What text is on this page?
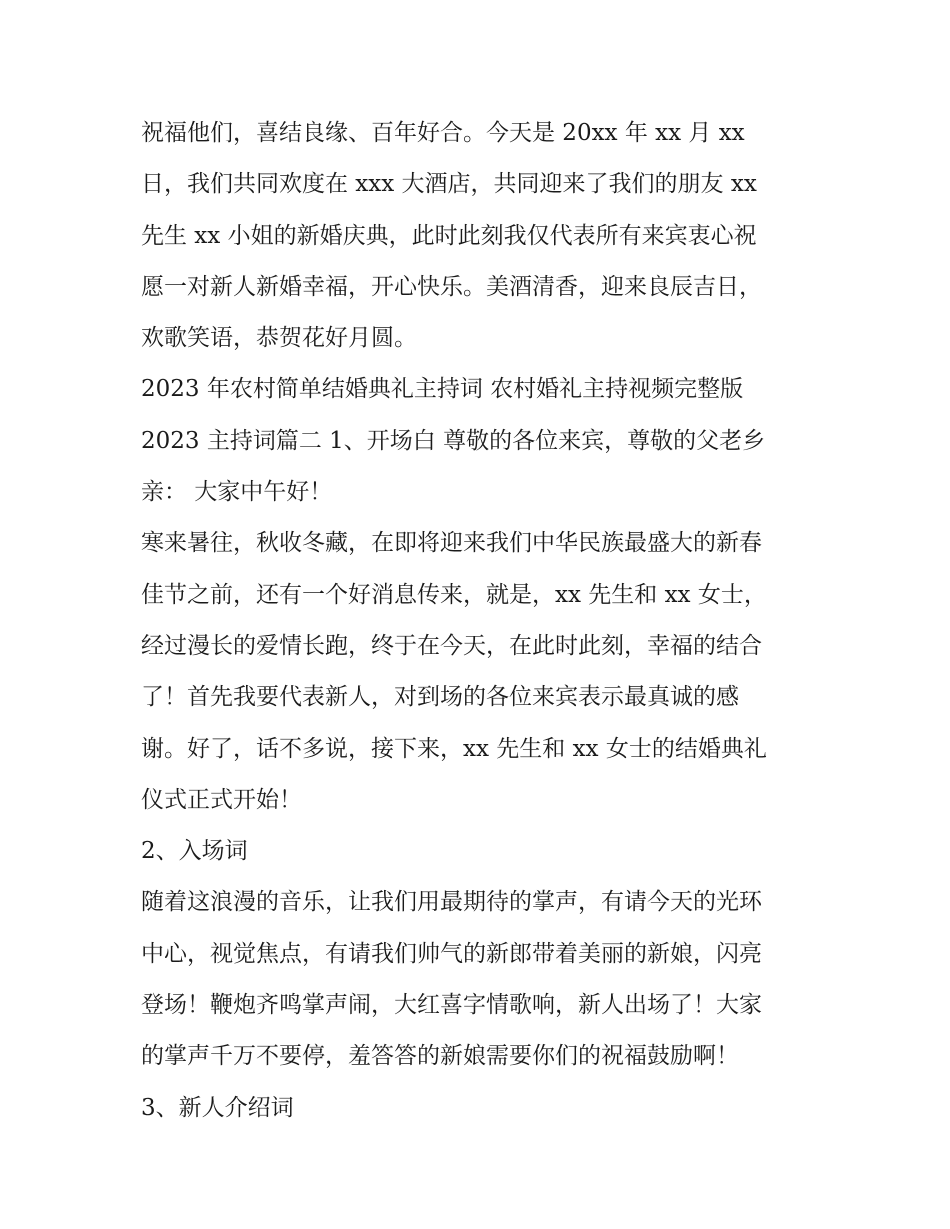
祝福他们，喜结良缘、百年好合。今天是 20xx 年 xx 月 xx
日，我们共同欢度在 xxx 大酒店，共同迎来了我们的朋友 xx
先生 xx 小姐的新婚庆典，此时此刻我仅代表所有来宾衷心祝
愿一对新人新婚幸福，开心快乐。美酒清香，迎来良辰吉日，
欢歌笑语，恭贺花好月圆。
2023 年农村简单结婚典礼主持词 农村婚礼主持视频完整版
2023 主持词篇二 1、开场白 尊敬的各位来宾，尊敬的父老乡
亲： 大家中午好！
寒来暑往，秋收冬藏，在即将迎来我们中华民族最盛大的新春
佳节之前，还有一个好消息传来，就是，xx 先生和 xx 女士，
经过漫长的爱情长跑，终于在今天，在此时此刻，幸福的结合
了！首先我要代表新人，对到场的各位来宾表示最真诚的感
谢。好了，话不多说，接下来，xx 先生和 xx 女士的结婚典礼
仪式正式开始！
2、入场词
随着这浪漫的音乐，让我们用最期待的掌声，有请今天的光环
中心，视觉焦点，有请我们帅气的新郎带着美丽的新娘，闪亮
登场！鞭炮齐鸣掌声闹，大红喜字情歌响，新人出场了！大家
的掌声千万不要停，羞答答的新娘需要你们的祝福鼓励啊！
3、新人介绍词
